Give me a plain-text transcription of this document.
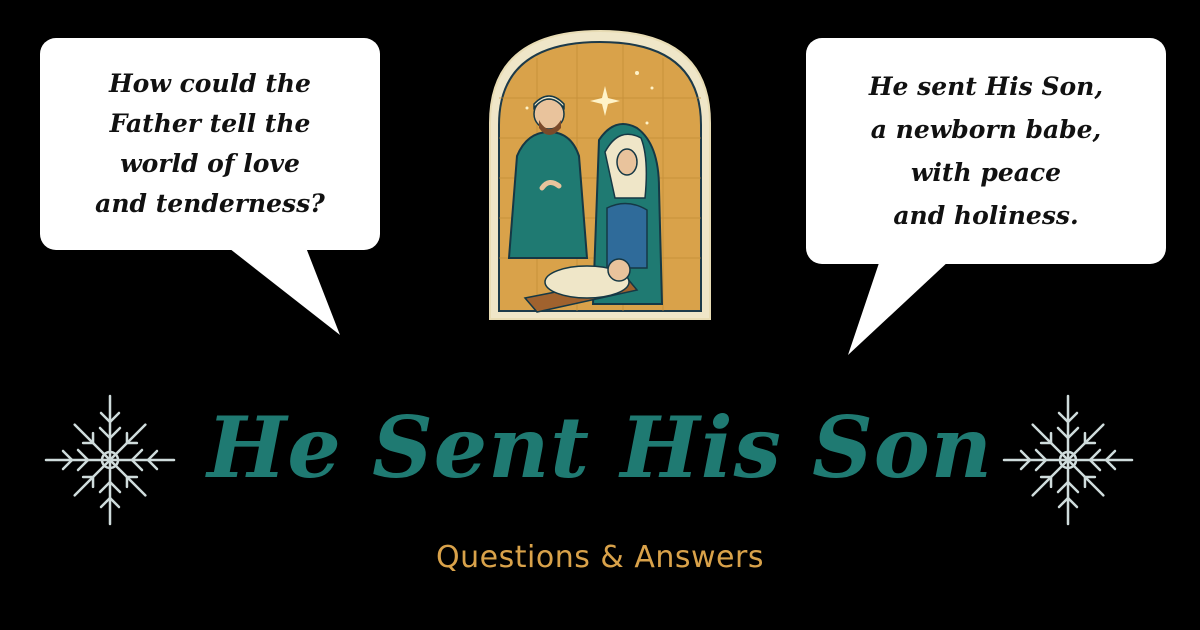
How could the
Father tell the
world of love
and tenderness?
He sent His Son,
a newborn babe,
with peace
and holiness.
He Sent His Son
Questions & Answers
